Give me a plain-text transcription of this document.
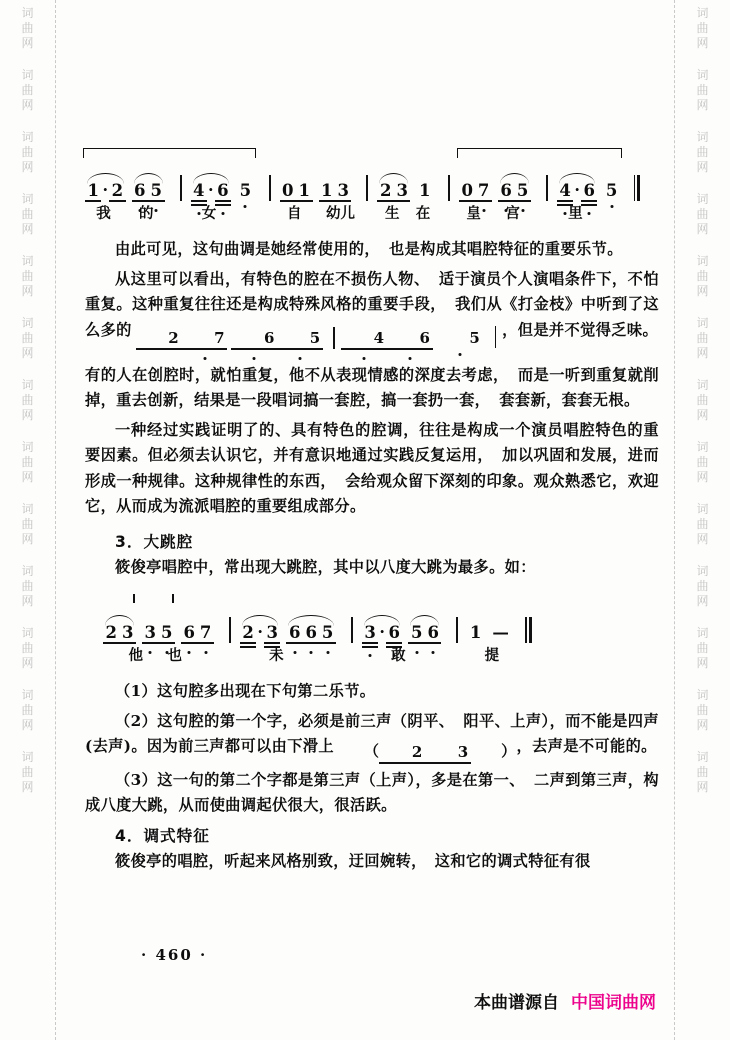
词
曲
网
词
曲
网
词
曲
网
词
曲
网
词
曲
网
词
曲
网
词
曲
网
词
曲
网
词
曲
网
词
曲
网
词
曲
网
词
曲
网
词
曲
网
词
曲
网
词
曲
网
词
曲
网
词
曲
网
词
曲
网
词
曲
网
词
曲
网
词
曲
网
词
曲
网
词
曲
网
词
曲
网
词
曲
网
词
曲
网
1 · 2 6 5 4 · 6 5 0 1 1 3 2 3 1 0 7 6 5 4 · 6 5
我 的	女	自 幼儿 生 在 皇 宫	里

由此可见，这句曲调是她经常使用的， 也是构成其唱腔特征的重要乐节。

从这里可以看出，有特色的腔在不损伤人物、 适于演员个人演唱条件下，不怕重复。这种重复往往还是构成特殊风格的重要手段， 我们从《打金枝》中听到了这么多的	2	7	6	5	4	6	5 ，但是并不觉得乏味。

有的人在创腔时，就怕重复，他不从表现情感的深度去考虑， 而是一听到重复就削掉，重去创新，结果是一段唱词搞一套腔，搞一套扔一套， 套套新，套套无根。

一种经过实践证明了的、具有特色的腔调，往往是构成一个演员唱腔特色的重要因素。但必须去认识它，并有意识地通过实践反复运用， 加以巩固和发展，进而形成一种规律。这种规律性的东西， 会给观众留下深刻的印象。观众熟悉它，欢迎它，从而成为流派唱腔的重要组成部分。

3．大跳腔

筱俊亭唱腔中，常出现大跳腔，其中以八度大跳为最多。如：

2 3 3 5 6 7 2 · 3 6 6 5 3 · 6 5 6 1 —
他 也	未	敢	提

（1）这句腔多出现在下句第二乐节。

（2）这句腔的第一个字，必须是前三声（阴平、 阳平、上声），而不能是四声(去声)。因为前三声都可以由下滑上	（	2	3	） ，去声是不可能的。

（3）这一句的第二个字都是第三声（上声），多是在第一、 二声到第三声，构成八度大跳，从而使曲调起伏很大，很活跃。

4．调式特征

筱俊亭的唱腔，听起来风格别致，迂回婉转，　这和它的调式特征有很

· 460 ·
本曲谱源自 中国词曲网
